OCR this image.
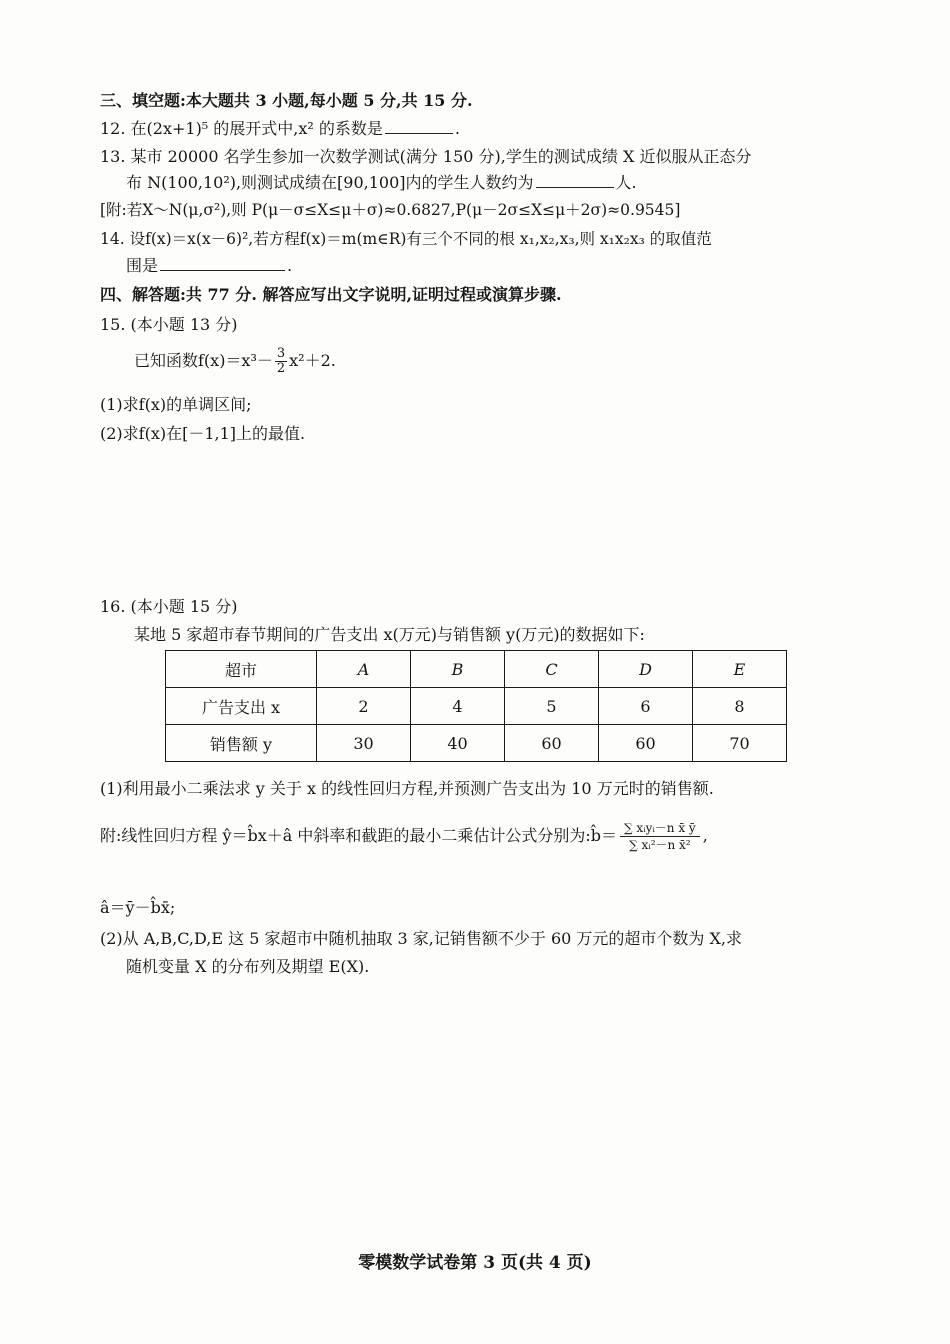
三、填空题:本大题共 3 小题,每小题 5 分,共 15 分.
12. 在(2x+1)⁵ 的展开式中,x² 的系数是	.
13. 某市 20000 名学生参加一次数学测试(满分 150 分),学生的测试成绩 X 近似服从正态分
布 N(100,10²),则测试成绩在[90,100]内的学生人数约为	人.
[附:若X～N(μ,σ²),则 P(μ－σ≤X≤μ＋σ)≈0.6827,P(μ－2σ≤X≤μ＋2σ)≈0.9545]
14. 设f(x)＝x(x－6)²,若方程f(x)＝m(m∈R)有三个不同的根 x₁,x₂,x₃,则 x₁x₂x₃ 的取值范
围是	.
四、解答题:共 77 分. 解答应写出文字说明,证明过程或演算步骤.
15. (本小题 13 分)
已知函数$f(x)=x^3- \frac{3}{2} x^2+2$.
(1)求f(x)的单调区间;
(2)求f(x)在[－1,1]上的最值.
16. (本小题 15 分)
某地 5 家超市春节期间的广告支出 x(万元)与销售额 y(万元)的数据如下:
超市	A	B	C	D	E
广告支出 x	2	4	5	6	8
销售额 y	30	40	60	60	70
(1)利用最小二乘法求 y 关于 x 的线性回归方程,并预测广告支出为 10 万元时的销售额.
附:线性回归方程 ŷ＝b̂x＋â 中斜率和截距的最小二乘估计公式分别为:b̂＝ $\frac{\text{∑ xᵢyᵢ－n x̄ ȳ}}{\text{∑ xᵢ²－n x̄²}}$ ,
â＝ȳ－b̂x̄;
(2)从 A,B,C,D,E 这 5 家超市中随机抽取 3 家,记销售额不少于 60 万元的超市个数为 X,求
随机变量 X 的分布列及期望 E(X).
零模数学试卷第 3 页(共 4 页)
